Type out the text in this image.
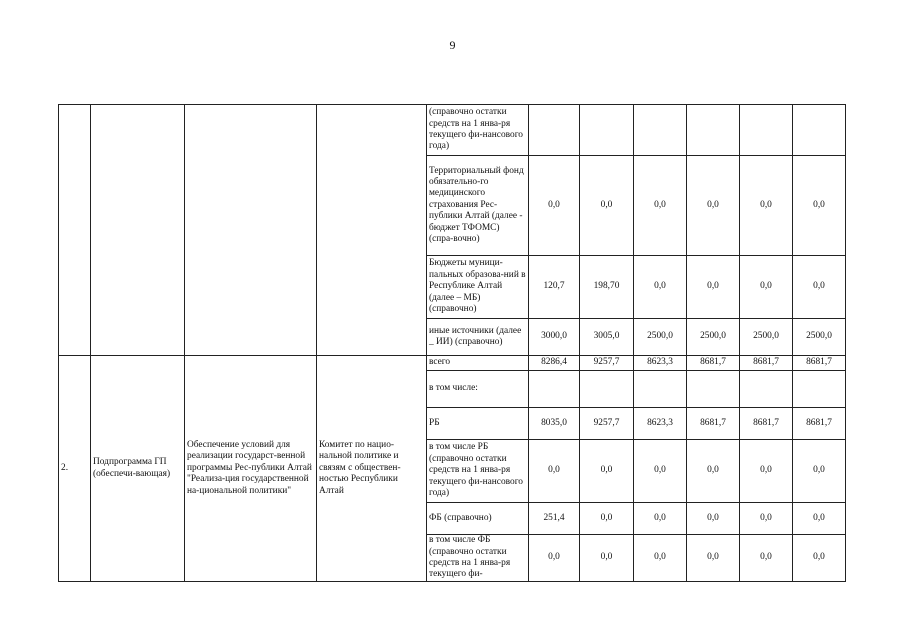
9
				(справочно остатки средств на 1 янва-ря текущего фи-нансового года)						
				Территориальный фонд обязательно-го медицинского страхования Рес-публики Алтай (далее - бюджет ТФОМС) (спра-вочно)	0,0	0,0	0,0	0,0	0,0	0,0
				Бюджеты муници-пальных образова-ний в Республике Алтай (далее – МБ) (справочно)	120,7	198,70	0,0	0,0	0,0	0,0
				иные источники (далее _ ИИ) (справочно)	3000,0	3005,0	2500,0	2500,0	2500,0	2500,0
2.	Подпрограмма ГП (обеспечи-вающая)	Обеспечение условий для реализации государст-венной программы Рес-публики Алтай "Реализа-ция государственной на-циональной политики"	Комитет по нацио-нальной политике и связям с обществен-ностью Республики Алтай	всего	8286,4	9257,7	8623,3	8681,7	8681,7	8681,7
				в том числе:						
				РБ	8035,0	9257,7	8623,3	8681,7	8681,7	8681,7
				в том числе РБ (справочно остатки средств на 1 янва-ря текущего фи-нансового года)	0,0	0,0	0,0	0,0	0,0	0,0
				ФБ (справочно)	251,4	0,0	0,0	0,0	0,0	0,0
				в том числе ФБ (справочно остатки средств на 1 янва-ря текущего фи-	0,0	0,0	0,0	0,0	0,0	0,0
